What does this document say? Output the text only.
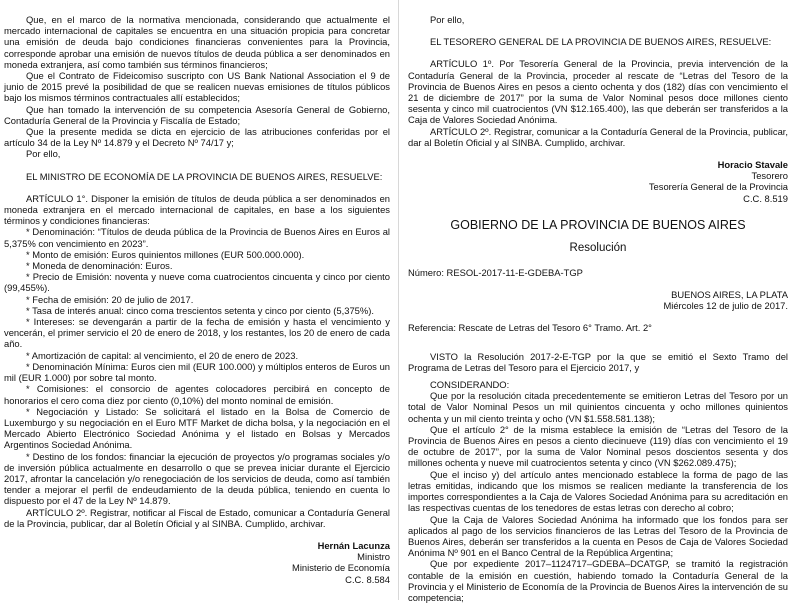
Que, en el marco de la normativa mencionada, considerando que actualmente el mercado internacional de capitales se encuentra en una situación propicia para concretar una emisión de deuda bajo condiciones financieras convenientes para la Provincia, corresponde aprobar una emisión de nuevos títulos de deuda pública a ser denominados en moneda extranjera, así como también sus términos financieros;

Que el Contrato de Fideicomiso suscripto con US Bank National Association el 9 de junio de 2015 prevé la posibilidad de que se realicen nuevas emisiones de títulos públicos bajo los mismos términos contractuales allí establecidos;

Que han tomado la intervención de su competencia Asesoría General de Gobierno, Contaduría General de la Provincia y Fiscalía de Estado;

Que la presente medida se dicta en ejercicio de las atribuciones conferidas por el artículo 34 de la Ley Nº 14.879 y el Decreto Nº 74/17 y;

Por ello,

EL MINISTRO DE ECONOMÍA DE LA PROVINCIA DE BUENOS AIRES, RESUELVE:

ARTÍCULO 1°. Disponer la emisión de títulos de deuda pública a ser denominados en moneda extranjera en el mercado internacional de capitales, en base a los siguientes términos y condiciones financieras:

* Denominación: “Títulos de deuda pública de la Provincia de Buenos Aires en Euros al 5,375% con vencimiento en 2023”.

* Monto de emisión: Euros quinientos millones (EUR 500.000.000).

* Moneda de denominación: Euros.

* Precio de Emisión: noventa y nueve coma cuatrocientos cincuenta y cinco por ciento (99,455%).

* Fecha de emisión: 20 de julio de 2017.

* Tasa de interés anual: cinco coma trescientos setenta y cinco por ciento (5,375%).

* Intereses: se devengarán a partir de la fecha de emisión y hasta el vencimiento y vencerán, el primer servicio el 20 de enero de 2018, y los restantes, los 20 de enero de cada año.

* Amortización de capital: al vencimiento, el 20 de enero de 2023.

* Denominación Mínima: Euros cien mil (EUR 100.000) y múltiplos enteros de Euros un mil (EUR 1.000) por sobre tal monto.

* Comisiones: el consorcio de agentes colocadores percibirá en concepto de honorarios el cero coma diez por ciento (0,10%) del monto nominal de emisión.

* Negociación y Listado: Se solicitará el listado en la Bolsa de Comercio de Luxemburgo y su negociación en el Euro MTF Market de dicha bolsa, y la negociación en el Mercado Abierto Electrónico Sociedad Anónima y el listado en Bolsas y Mercados Argentinos Sociedad Anónima.

* Destino de los fondos: financiar la ejecución de proyectos y/o programas sociales y/o de inversión pública actualmente en desarrollo o que se prevea iniciar durante el Ejercicio 2017, afrontar la cancelación y/o renegociación de los servicios de deuda, como así también tender a mejorar el perfil de endeudamiento de la deuda pública, teniendo en cuenta lo dispuesto por el 47 de la Ley Nº 14.879.

ARTÍCULO 2º. Registrar, notificar al Fiscal de Estado, comunicar a Contaduría General de la Provincia, publicar, dar al Boletín Oficial y al SINBA. Cumplido, archivar.

Hernán Lacunza
Ministro
Ministerio de Economía
C.C. 8.584

Por ello,

EL TESORERO GENERAL DE LA PROVINCIA DE BUENOS AIRES, RESUELVE:

ARTÍCULO 1º. Por Tesorería General de la Provincia, previa intervención de la Contaduría General de la Provincia, proceder al rescate de “Letras del Tesoro de la Provincia de Buenos Aires en pesos a ciento ochenta y dos (182) días con vencimiento el 21 de diciembre de 2017” por la suma de Valor Nominal pesos doce millones ciento sesenta y cinco mil cuatrocientos (VN $12.165.400), las que deberán ser transferidos a la Caja de Valores Sociedad Anónima.

ARTÍCULO 2º. Registrar, comunicar a la Contaduría General de la Provincia, publicar, dar al Boletín Oficial y al SINBA. Cumplido, archivar.

Horacio Stavale
Tesorero
Tesorería General de la Provincia
C.C. 8.519
GOBIERNO DE LA PROVINCIA DE BUENOS AIRES
Resolución

Número: RESOL-2017-11-E-GDEBA-TGP

BUENOS AIRES, LA PLATA

Miércoles 12 de julio de 2017.

Referencia: Rescate de Letras del Tesoro 6° Tramo. Art. 2°

VISTO la Resolución 2017-2-E-TGP por la que se emitió el Sexto Tramo del Programa de Letras del Tesoro para el Ejercicio 2017, y

CONSIDERANDO:

Que por la resolución citada precedentemente se emitieron Letras del Tesoro por un total de Valor Nominal Pesos un mil quinientos cincuenta y ocho millones quinientos ochenta y un mil ciento treinta y ocho (VN $1.558.581.138);

Que el artículo 2° de la misma establece la emisión de “Letras del Tesoro de la Provincia de Buenos Aires en pesos a ciento diecinueve (119) días con vencimiento el 19 de octubre de 2017”, por la suma de Valor Nominal pesos doscientos sesenta y dos millones ochenta y nueve mil cuatrocientos setenta y cinco (VN $262.089.475);

Que el inciso y) del artículo antes mencionado establece la forma de pago de las letras emitidas, indicando que los mismos se realicen mediante la transferencia de los importes correspondientes a la Caja de Valores Sociedad Anónima para su acreditación en las respectivas cuentas de los tenedores de estas letras con derecho al cobro;

Que la Caja de Valores Sociedad Anónima ha informado que los fondos para ser aplicados al pago de los servicios financieros de las Letras del Tesoro de la Provincia de Buenos Aires, deberán ser transferidos a la cuenta en Pesos de Caja de Valores Sociedad Anónima Nº 901 en el Banco Central de la República Argentina;

Que por expediente 2017–1124717–GDEBA–DCATGP, se tramitó la registración contable de la emisión en cuestión, habiendo tomado la Contaduría General de la Provincia y el Ministerio de Economía de la Provincia de Buenos Aires la intervención de su competencia;
